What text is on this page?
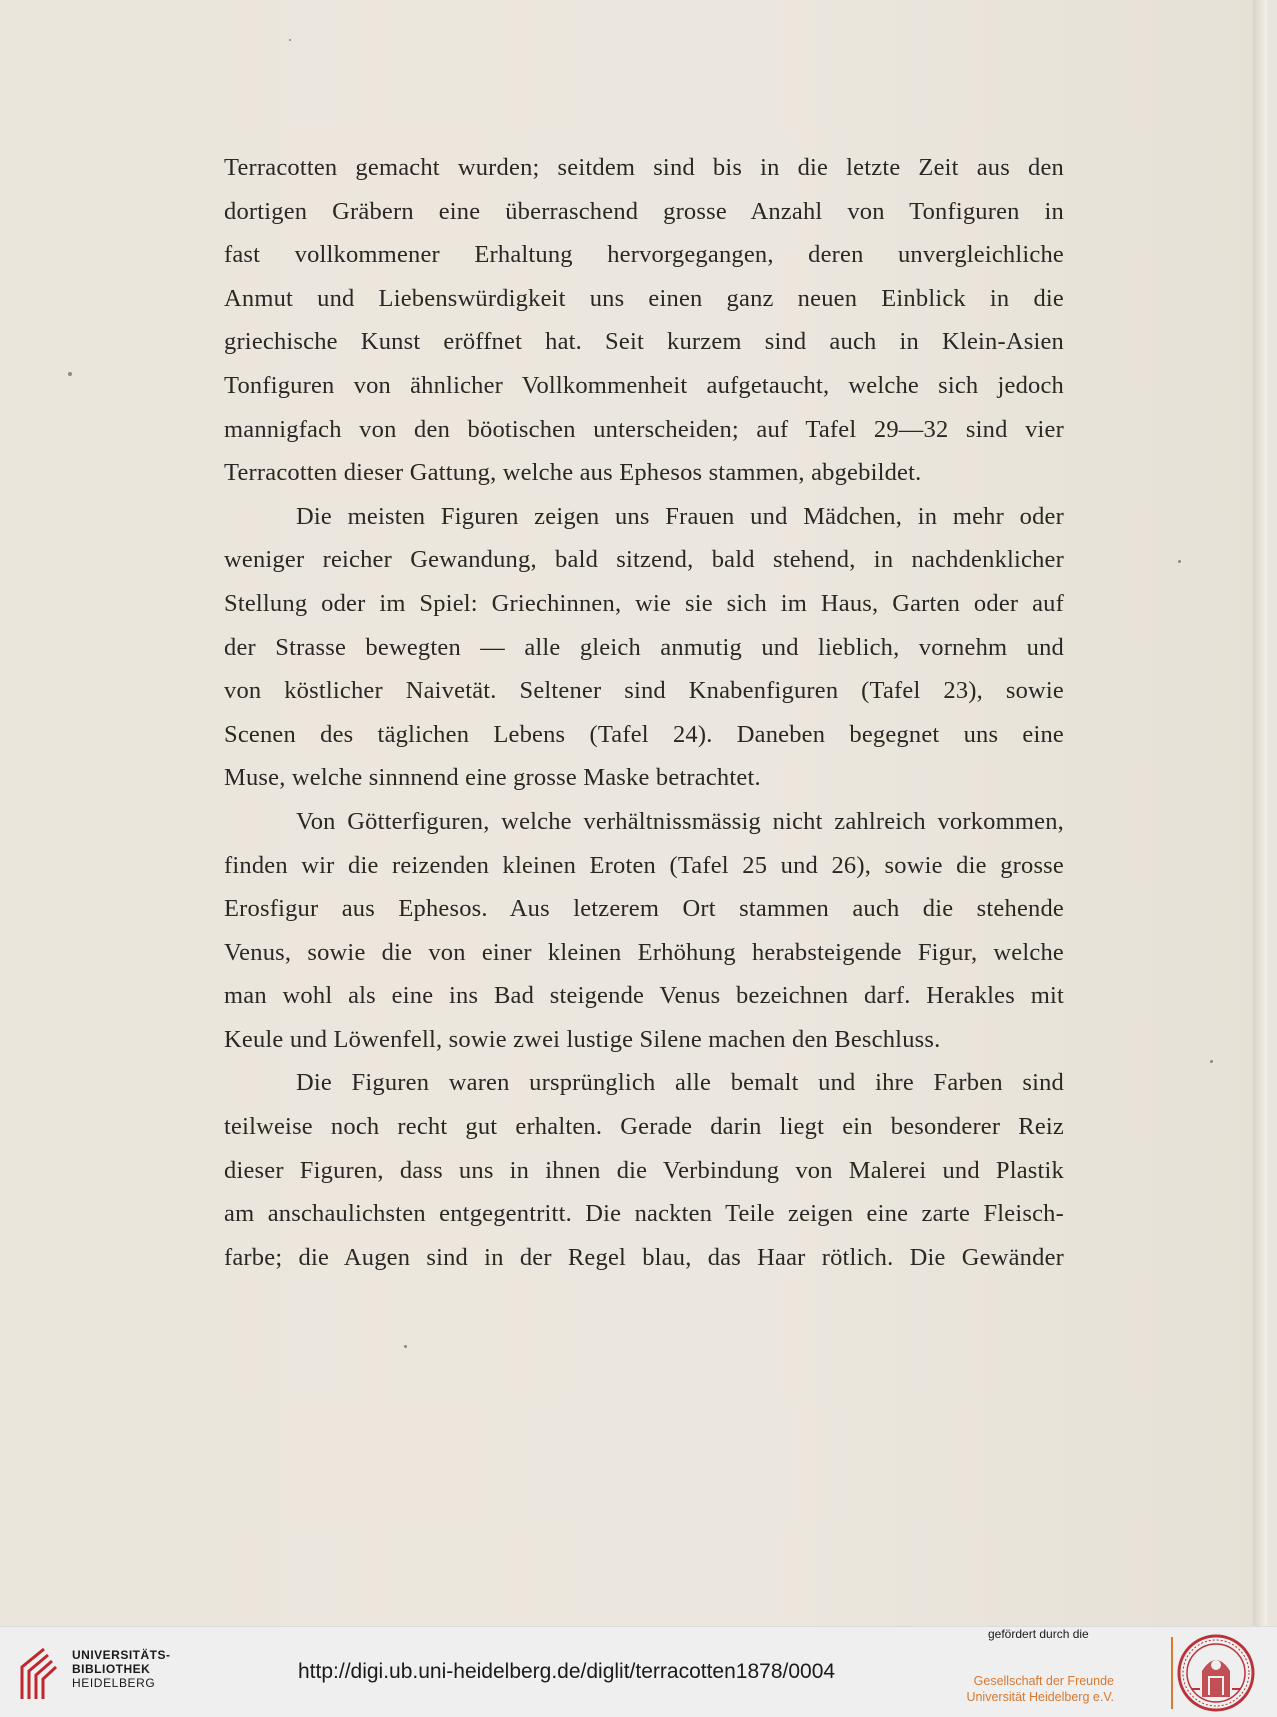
Terracotten gemacht wurden; seitdem sind bis in die letzte Zeit aus den
dortigen Gräbern eine überraschend grosse Anzahl von Tonfiguren in
fast vollkommener Erhaltung hervorgegangen, deren unvergleichliche
Anmut und Liebenswürdigkeit uns einen ganz neuen Einblick in die
griechische Kunst eröffnet hat. Seit kurzem sind auch in Klein-Asien
Tonfiguren von ähnlicher Vollkommenheit aufgetaucht, welche sich jedoch
mannigfach von den böotischen unterscheiden; auf Tafel 29—32 sind vier
Terracotten dieser Gattung, welche aus Ephesos stammen, abgebildet.
Die meisten Figuren zeigen uns Frauen und Mädchen, in mehr oder
weniger reicher Gewandung, bald sitzend, bald stehend, in nachdenklicher
Stellung oder im Spiel: Griechinnen, wie sie sich im Haus, Garten oder auf
der Strasse bewegten — alle gleich anmutig und lieblich, vornehm und
von köstlicher Naivetät. Seltener sind Knabenfiguren (Tafel 23), sowie
Scenen des täglichen Lebens (Tafel 24). Daneben begegnet uns eine
Muse, welche sinnnend eine grosse Maske betrachtet.
Von Götterfiguren, welche verhältnissmässig nicht zahlreich vorkommen,
finden wir die reizenden kleinen Eroten (Tafel 25 und 26), sowie die grosse
Erosfigur aus Ephesos. Aus letzerem Ort stammen auch die stehende
Venus, sowie die von einer kleinen Erhöhung herabsteigende Figur, welche
man wohl als eine ins Bad steigende Venus bezeichnen darf. Herakles mit
Keule und Löwenfell, sowie zwei lustige Silene machen den Beschluss.
Die Figuren waren ursprünglich alle bemalt und ihre Farben sind
teilweise noch recht gut erhalten. Gerade darin liegt ein besonderer Reiz
dieser Figuren, dass uns in ihnen die Verbindung von Malerei und Plastik
am anschaulichsten entgegentritt. Die nackten Teile zeigen eine zarte Fleisch-
farbe; die Augen sind in der Regel blau, das Haar rötlich. Die Gewänder
UNIVERSITÄTS-
BIBLIOTHEK
HEIDELBERG	http://digi.ub.uni-heidelberg.de/diglit/terracotten1878/0004
gefördert durch die
Gesellschaft der Freunde
Universität Heidelberg e.V.
